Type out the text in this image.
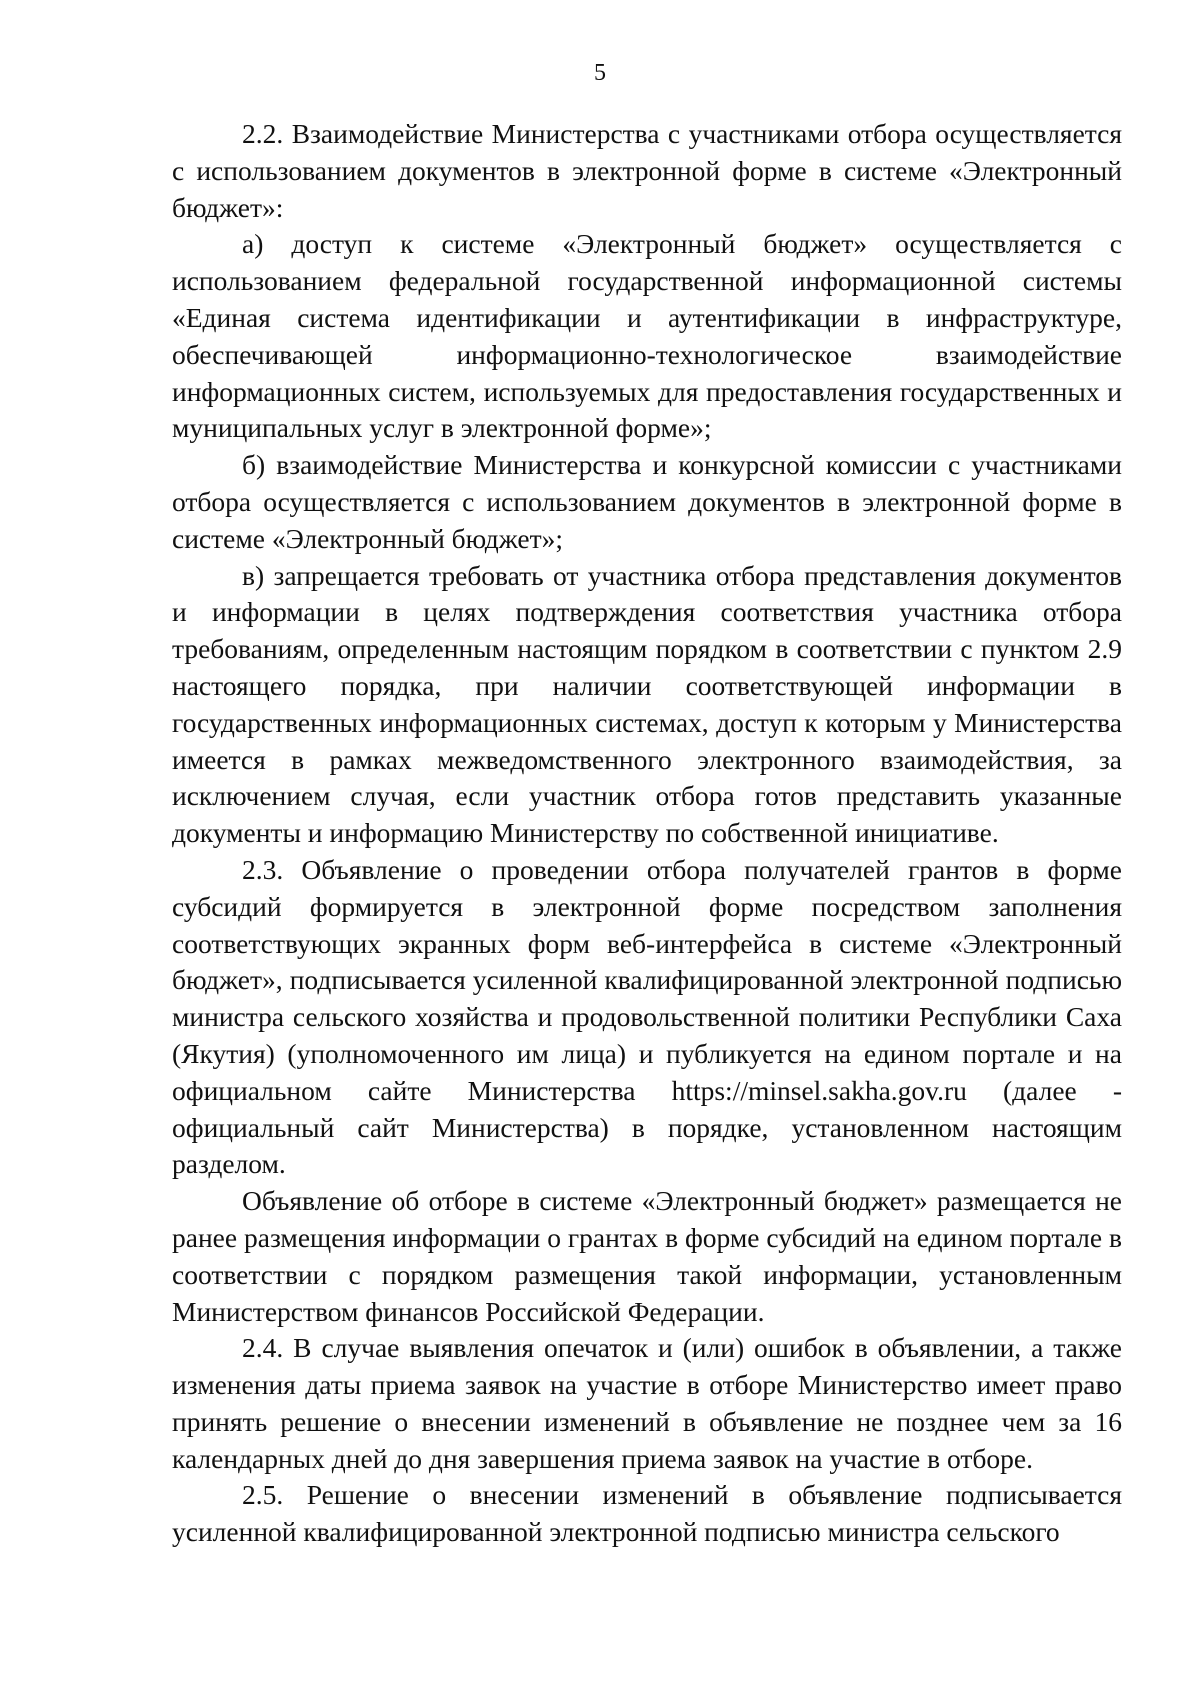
5

2.2. Взаимодействие Министерства с участниками отбора осуществляется с использованием документов в электронной форме в системе «Электронный бюджет»:

а) доступ к системе «Электронный бюджет» осуществляется с использованием федеральной государственной информационной системы «Единая система идентификации и аутентификации в инфраструктуре, обеспечивающей информационно-технологическое взаимодействие информационных систем, используемых для предоставления государственных и муниципальных услуг в электронной форме»;

б) взаимодействие Министерства и конкурсной комиссии с участниками отбора осуществляется с использованием документов в электронной форме в системе «Электронный бюджет»;

в) запрещается требовать от участника отбора представления документов и информации в целях подтверждения соответствия участника отбора требованиям, определенным настоящим порядком в соответствии с пунктом 2.9 настоящего порядка, при наличии соответствующей информации в государственных информационных системах, доступ к которым у Министерства имеется в рамках межведомственного электронного взаимодействия, за исключением случая, если участник отбора готов представить указанные документы и информацию Министерству по собственной инициативе.

2.3. Объявление о проведении отбора получателей грантов в форме субсидий формируется в электронной форме посредством заполнения соответствующих экранных форм веб-интерфейса в системе «Электронный бюджет», подписывается усиленной квалифицированной электронной подписью министра сельского хозяйства и продовольственной политики Республики Саха (Якутия) (уполномоченного им лица) и публикуется на едином портале и на официальном сайте Министерства https://minsel.sakha.gov.ru (далее - официальный сайт Министерства) в порядке, установленном настоящим разделом.

Объявление об отборе в системе «Электронный бюджет» размещается не ранее размещения информации о грантах в форме субсидий на едином портале в соответствии с порядком размещения такой информации, установленным Министерством финансов Российской Федерации.

2.4. В случае выявления опечаток и (или) ошибок в объявлении, а также изменения даты приема заявок на участие в отборе Министерство имеет право принять решение о внесении изменений в объявление не позднее чем за 16 календарных дней до дня завершения приема заявок на участие в отборе.

2.5. Решение о внесении изменений в объявление подписывается усиленной квалифицированной электронной подписью министра сельского
